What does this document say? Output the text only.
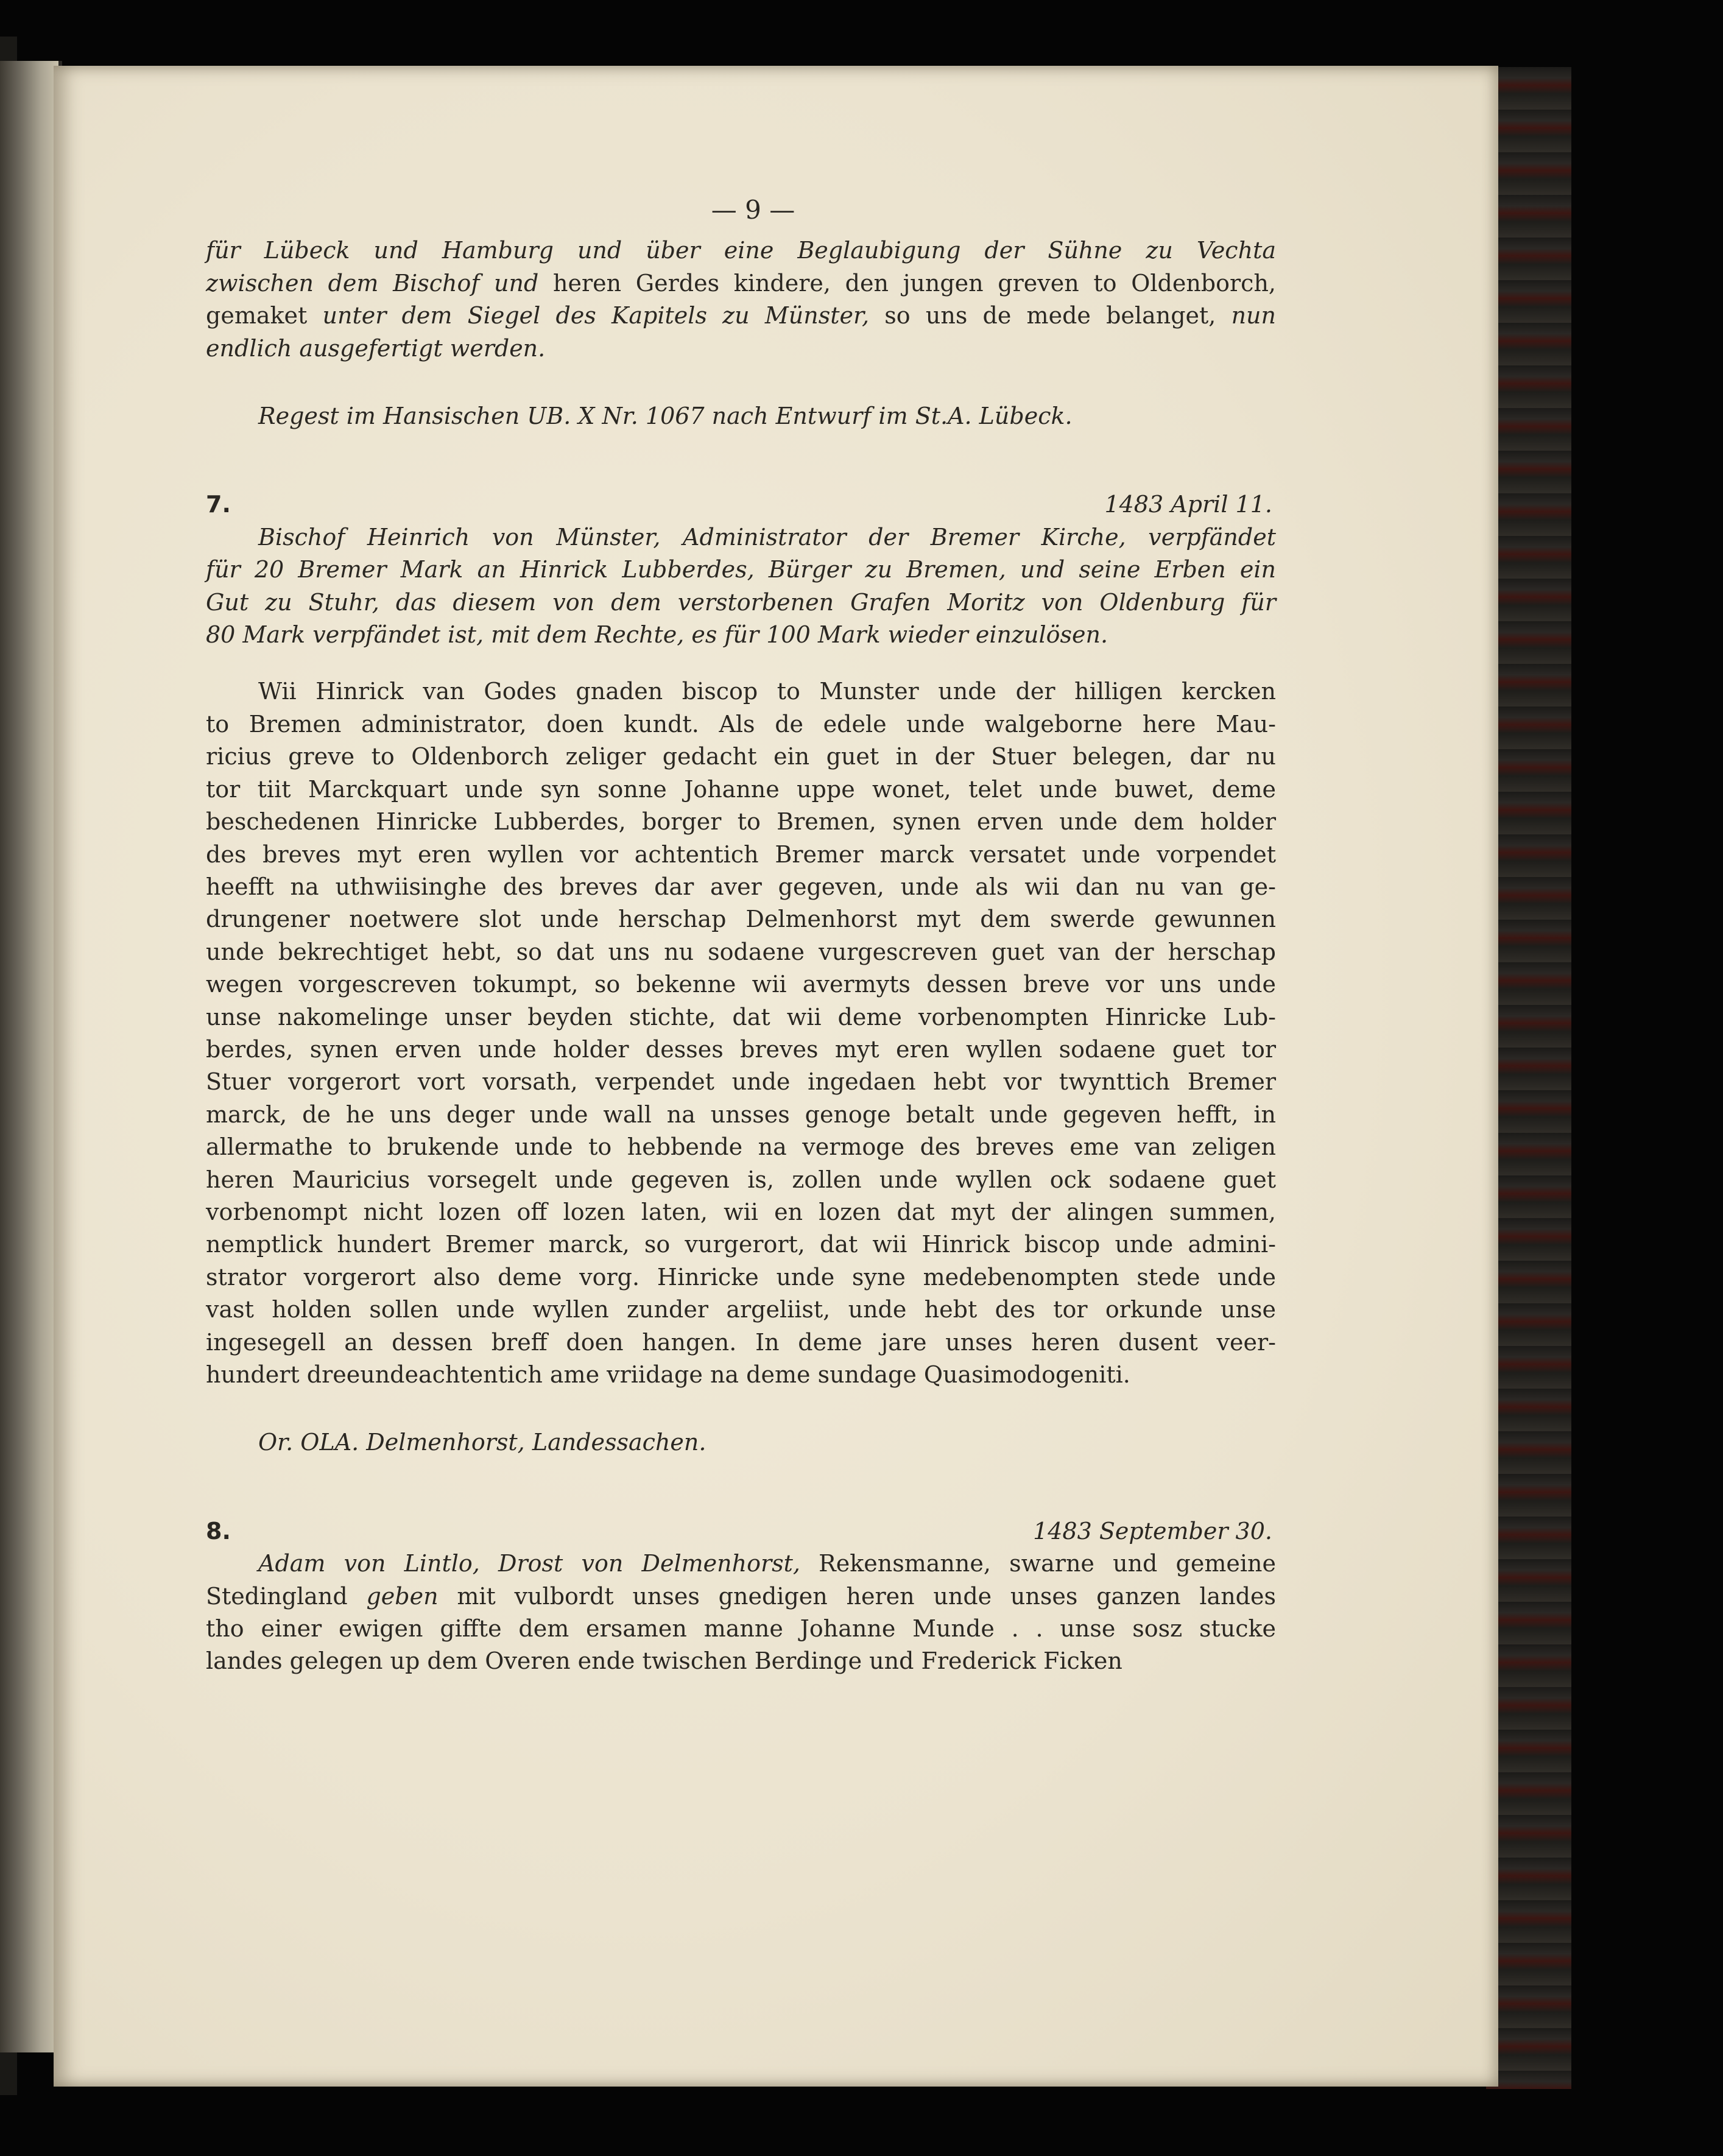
— 9 —
für Lübeck und Hamburg und über eine Beglaubigung der Sühne zu Vechta
zwischen dem Bischof und heren Gerdes kindere, den jungen greven to Oldenborch,
gemaket unter dem Siegel des Kapitels zu Münster, so uns de mede belanget, nun
endlich ausgefertigt werden.
Regest im Hansischen UB. X Nr. 1067 nach Entwurf im St.A. Lübeck.
7.	1483 April 11.
Bischof Heinrich von Münster, Administrator der Bremer Kirche, verpfändet
für 20 Bremer Mark an Hinrick Lubberdes, Bürger zu Bremen, und seine Erben ein
Gut zu Stuhr, das diesem von dem verstorbenen Grafen Moritz von Oldenburg für
80 Mark verpfändet ist, mit dem Rechte, es für 100 Mark wieder einzulösen.
Wii Hinrick van Godes gnaden biscop to Munster unde der hilligen kercken
to Bremen administrator, doen kundt. Als de edele unde walgeborne here Mau-
ricius greve to Oldenborch zeliger gedacht ein guet in der Stuer belegen, dar nu
tor tiit Marckquart unde syn sonne Johanne uppe wonet, telet unde buwet, deme
beschedenen Hinricke Lubberdes, borger to Bremen, synen erven unde dem holder
des breves myt eren wyllen vor achtentich Bremer marck versatet unde vorpendet
heefft na uthwiisinghe des breves dar aver gegeven, unde als wii dan nu van ge-
drungener noetwere slot unde herschap Delmenhorst myt dem swerde gewunnen
unde bekrechtiget hebt, so dat uns nu sodaene vurgescreven guet van der herschap
wegen vorgescreven tokumpt, so bekenne wii avermyts dessen breve vor uns unde
unse nakomelinge unser beyden stichte, dat wii deme vorbenompten Hinricke Lub-
berdes, synen erven unde holder desses breves myt eren wyllen sodaene guet tor
Stuer vorgerort vort vorsath, verpendet unde ingedaen hebt vor twynttich Bremer
marck, de he uns deger unde wall na unsses genoge betalt unde gegeven hefft, in
allermathe to brukende unde to hebbende na vermoge des breves eme van zeligen
heren Mauricius vorsegelt unde gegeven is, zollen unde wyllen ock sodaene guet
vorbenompt nicht lozen off lozen laten, wii en lozen dat myt der alingen summen,
nemptlick hundert Bremer marck, so vurgerort, dat wii Hinrick biscop unde admini-
strator vorgerort also deme vorg. Hinricke unde syne medebenompten stede unde
vast holden sollen unde wyllen zunder argeliist, unde hebt des tor orkunde unse
ingesegell an dessen breff doen hangen. In deme jare unses heren dusent veer-
hundert dreeundeachtentich ame vriidage na deme sundage Quasimodogeniti.
Or. OLA. Delmenhorst, Landessachen.
8.	1483 September 30.
Adam von Lintlo, Drost von Delmenhorst, Rekensmanne, swarne und gemeine
Stedingland geben mit vulbordt unses gnedigen heren unde unses ganzen landes
tho einer ewigen giffte dem ersamen manne Johanne Munde . . unse sosz stucke
landes gelegen up dem Overen ende twischen Berdinge und Frederick Ficken
